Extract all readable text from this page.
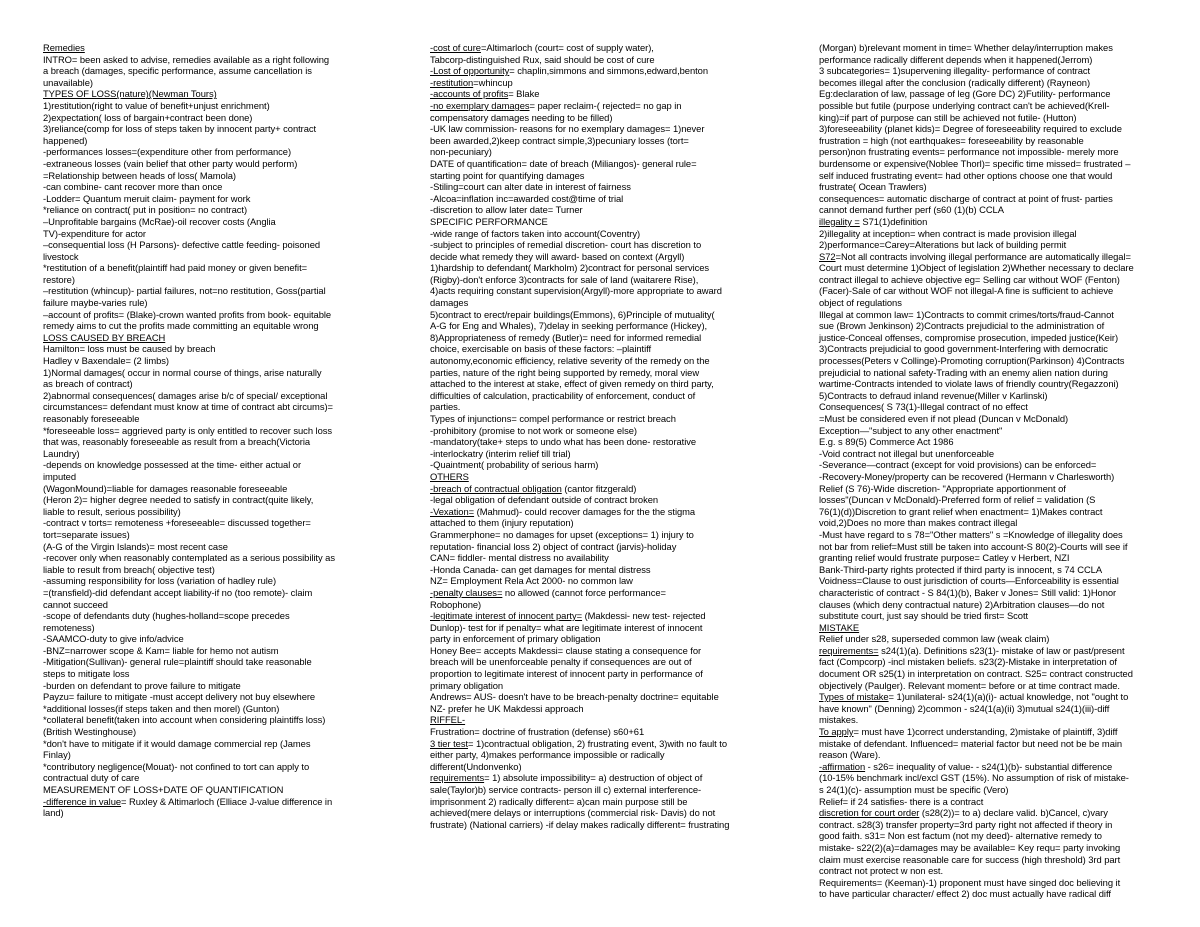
Remedies
INTRO= been asked to advise, remedies available as a right following
a breach (damages, specific performance, assume cancellation is
unavailable)
TYPES OF LOSS(nature)(Newman Tours)
1)restitution(right to value of benefit+unjust enrichment)
2)expectation( loss of bargain+contract been done)
3)reliance(comp for loss of steps taken by innocent party+ contract
happened)
-performances losses=(expenditure other from performance)
-extraneous losses (vain belief that other party would perform)
=Relationship between heads of loss( Mamola)
-can combine- cant recover more than once
-Lodder= Quantum meruit claim- payment for work
*reliance on contract( put in position= no contract)
–Unprofitable bargains (McRae)-oil recover costs (Anglia
TV)-expenditure for actor
–consequential loss (H Parsons)- defective cattle feeding- poisoned
livestock
*restitution of a benefit(plaintiff had paid money or given benefit=
restore)
–restitution (whincup)- partial failures, not=no restitution, Goss(partial
failure maybe-varies rule)
–account of profits= (Blake)-crown wanted profits from book- equitable
remedy aims to cut the profits made committing an equitable wrong
LOSS CAUSED BY BREACH
Hamilton= loss must be caused by breach
Hadley v Baxendale= (2 limbs)
1)Normal damages( occur in normal course of things, arise naturally
as breach of contract)
2)abnormal consequences( damages arise b/c of special/ exceptional
circumstances= defendant must know at time of contract abt circums)=
reasonably foreseeable
*foreseeable loss= aggrieved party is only entitled to recover such loss
that was, reasonably foreseeable as result from a breach(Victoria
Laundry)
-depends on knowledge possessed at the time- either actual or
imputed
(WagonMound)=liable for damages reasonable foreseeable
(Heron 2)= higher degree needed to satisfy in contract(quite likely,
liable to result, serious possibility)
-contract v torts= remoteness +foreseeable= discussed together=
tort=separate issues)
(A-G of the Virgin Islands)= most recent case
-recover only when reasonably contemplated as a serious possibility as
liable to result from breach( objective test)
-assuming responsibility for loss (variation of hadley rule)
=(transfield)-did defendant accept liability-if no (too remote)- claim
cannot succeed
-scope of defendants duty (hughes-holland=scope precedes
remoteness)
-SAAMCO-duty to give info/advice
-BNZ=narrower scope & Kam= liable for hemo not autism
-Mitigation(Sullivan)- general rule=plaintiff should take reasonable
steps to mitigate loss
-burden on defendant to prove failure to mitigate
Payzu= failure to mitigate -must accept delivery not buy elsewhere
*additional losses(if steps taken and then morel) (Gunton)
*collateral benefit(taken into account when considering plaintiffs loss)
(British Westinghouse)
*don't have to mitigate if it would damage commercial rep (James
Finlay)
*contributory negligence(Mouat)- not confined to tort can apply to
contractual duty of care
MEASUREMENT OF LOSS+DATE OF QUANTIFICATION
-difference in value= Ruxley & Altimarloch (Elliace J-value difference in
land)
-cost of cure=Altimarloch (court= cost of supply water),
Tabcorp-distinguished Rux, said should be cost of cure
-Lost of opportunity= chaplin,simmons and simmons,edward,benton
-restitution=whincup
-accounts of profits= Blake
-no exemplary damages= paper reclaim-( rejected= no gap in
compensatory damages needing to be filled)
-UK law commission- reasons for no exemplary damages= 1)never
been awarded,2)keep contract simple,3)pecuniary losses (tort=
non-pecuniary)
DATE of quantification= date of breach (Miliangos)- general rule=
starting point for quantifying damages
-Stiling=court can alter date in interest of fairness
-Alcoa=inflation inc=awarded cost@time of trial
-discretion to allow later date= Turner
SPECIFIC PERFORMANCE
-wide range of factors taken into account(Coventry)
-subject to principles of remedial discretion- court has discretion to
decide what remedy they will award- based on context (Argyll)
1)hardship to defendant( Markholm) 2)contract for personal services
(Rigby)-don't enforce 3)contracts for sale of land (waitarere Rise),
4)acts requiring constant supervision(Argyll)-more appropriate to award
damages
5)contract to erect/repair buildings(Emmons), 6)Principle of mutuality(
A-G for Eng and Whales), 7)delay in seeking performance (Hickey),
8)Appropriateness of remedy (Butler)= need for informed remedial
choice, exercisable on basis of these factors: –plaintiff
autonomy,economic efficiency, relative severity of the remedy on the
parties, nature of the right being supported by remedy, moral view
attached to the interest at stake, effect of given remedy on third party,
difficulties of calculation, practicability of enforcement, conduct of
parties.
Types of injunctions= compel performance or restrict breach
-prohibitory (promise to not work or someone else)
-mandatory(take+ steps to undo what has been done- restorative
-interlockatry (interim relief till trial)
-Quaintment( probability of serious harm)
OTHERS
-breach of contractual obligation (cantor fitzgerald)
-legal obligation of defendant outside of contract broken
-Vexation= (Mahmud)- could recover damages for the the stigma
attached to them (injury reputation)
Grammerphone= no damages for upset (exceptions= 1) injury to
reputation- financial loss 2) object of contract (jarvis)-holiday
CAN= fiddler- mental distress no availability
-Honda Canada- can get damages for mental distress
NZ= Employment Rela Act 2000- no common law
-penalty clauses= no allowed (cannot force performance=
Robophone)
-legitimate interest of innocent party= (Makdessi- new test- rejected
Dunlop)- test for if penalty= what are legitimate interest of innocent
party in enforcement of primary obligation
Honey Bee= accepts Makdessi= clause stating a consequence for
breach will be unenforceable penalty if consequences are out of
proportion to legitimate interest of innocent party in performance of
primary obligation
Andrews= AUS- doesn't have to be breach-penalty doctrine= equitable
NZ- prefer he UK Makdessi approach
RIFFEL-
Frustration= doctrine of frustration (defense) s60+61
3 tier test= 1)contractual obligation, 2) frustrating event, 3)with no fault to
either party, 4)makes performance impossible or radically
different(Undonvenko)
requirements= 1) absolute impossibility= a) destruction of object of
sale(Taylor)b) service contracts- person ill c) external interference-
imprisonment 2) radically different= a)can main purpose still be
achieved(mere delays or interruptions (commercial risk- Davis) do not
frustrate) (National carriers) -if delay makes radically different= frustrating
(Morgan) b)relevant moment in time= Whether delay/interruption makes
performance radically different depends when it happened(Jerrom)
3 subcategories= 1)supervening illegality- performance of contract
becomes illegal after the conclusion (radically different) (Rayneon)
Eg:declaration of law, passage of leg (Gore DC) 2)Futility- performance
possible but futile (purpose underlying contract can't be achieved(Krell-
king)=if part of purpose can still be achieved not futile- (Hutton)
3)foreseeability (planet kids)= Degree of foreseeability required to exclude
frustration = high (not earthquakes= foreseeability by reasonable
person)non frustrating events= performance not impossible- merely more
burdensome or expensive(Noblee Thorl)= specific time missed= frustrated –
self induced frustrating event= had other options choose one that would
frustrate( Ocean Trawlers)
consequences= automatic discharge of contract at point of frust- parties
cannot demand further perf (s60 (1)(b) CCLA
illegality = S71(1)definition
2)illegality at inception= when contract is made provision illegal
2)performance=Carey=Alterations but lack of building permit
S72=Not all contracts involving illegal performance are automatically illegal=
Court must determine 1)Object of legislation 2)Whether necessary to declare
contract illegal to achieve objective eg= Selling car without WOF (Fenton)
(Facer)-Sale of car without WOF not illegal-A fine is sufficient to achieve
object of regulations
Illegal at common law= 1)Contracts to commit crimes/torts/fraud-Cannot
sue (Brown Jenkinson) 2)Contracts prejudicial to the administration of
justice-Conceal offenses, compromise prosecution, impeded justice(Keir)
3)Contracts prejudicial to good government-Interfering with democratic
processes(Peters v Collinge)-Promoting corruption(Parkinson) 4)Contracts
prejudicial to national safety-Trading with an enemy alien nation during
wartime-Contracts intended to violate laws of friendly country(Regazzoni)
5)Contracts to defraud inland revenue(Miller v Karlinski)
Consequences( S 73(1)-Illegal contract of no effect
=Must be considered even if not plead (Duncan v McDonald)
Exception—"subject to any other enactment"
E.g. s 89(5) Commerce Act 1986
-Void contract not illegal but unenforceable
-Severance—contract (except for void provisions) can be enforced=
-Recovery-Money/property can be recovered (Hermann v Charlesworth)
Relief (S 76)-Wide discretion- "Appropriate apportionment of
losses"(Duncan v McDonald)-Preferred form of relief = validation (S
76(1)(d))Discretion to grant relief when enactment= 1)Makes contract
void,2)Does no more than makes contract illegal
-Must have regard to s 78="Other matters" s =Knowledge of illegality does
not bar from relief=Must still be taken into account-S 80(2)-Courts will see if
granting relief would frustrate purpose= Catley v Herbert, NZI
Bank-Third-party rights protected if third party is innocent, s 74 CCLA
Voidness=Clause to oust jurisdiction of courts—Enforceability is essential
characteristic of contract - S 84(1)(b), Baker v Jones= Still valid: 1)Honor
clauses (which deny contractual nature) 2)Arbitration clauses—do not
substitute court, just say should be tried first= Scott
MISTAKE
Relief under s28, superseded common law (weak claim)
requirements= s24(1)(a). Definitions s23(1)- mistake of law or past/present
fact (Compcorp) -incl mistaken beliefs. s23(2)-Mistake in interpretation of
document OR s25(1) in interpretation on contract. S25= contract constructed
objectively (Paulger). Relevant moment= before or at time contract made.
Types of mistake= 1)unilateral- s24(1)(a)(i)- actual knowledge, not "ought to
have known" (Denning) 2)common - s24(1(a)(ii) 3)mutual s24(1)(iii)-diff
mistakes.
To apply= must have 1)correct understanding, 2)mistake of plaintiff, 3)diff
mistake of defendant. Influenced= material factor but need not be be main
reason (Ware).
-affirmation - s26= inequality of value- - s24(1)(b)- substantial difference
(10-15% benchmark incl/excl GST (15%). No assumption of risk of mistake-
s 24(1)(c)- assumption must be specific (Vero)
Relief= if 24 satisfies- there is a contract
discretion for court order (s28(2))= to a) declare valid. b)Cancel, c)vary
contract. s28(3) transfer property=3rd party right not affected if theory in
good faith. s31= Non est factum (not my deed)- alternative remedy to
mistake- s22(2)(a)=damages may be available= Key requ= party invoking
claim must exercise reasonable care for success (high threshold) 3rd part
contract not protect w non est.
Requirements= (Keeman)-1) proponent must have singed doc believing it
to have particular character/ effect 2) doc must actually have radical diff
